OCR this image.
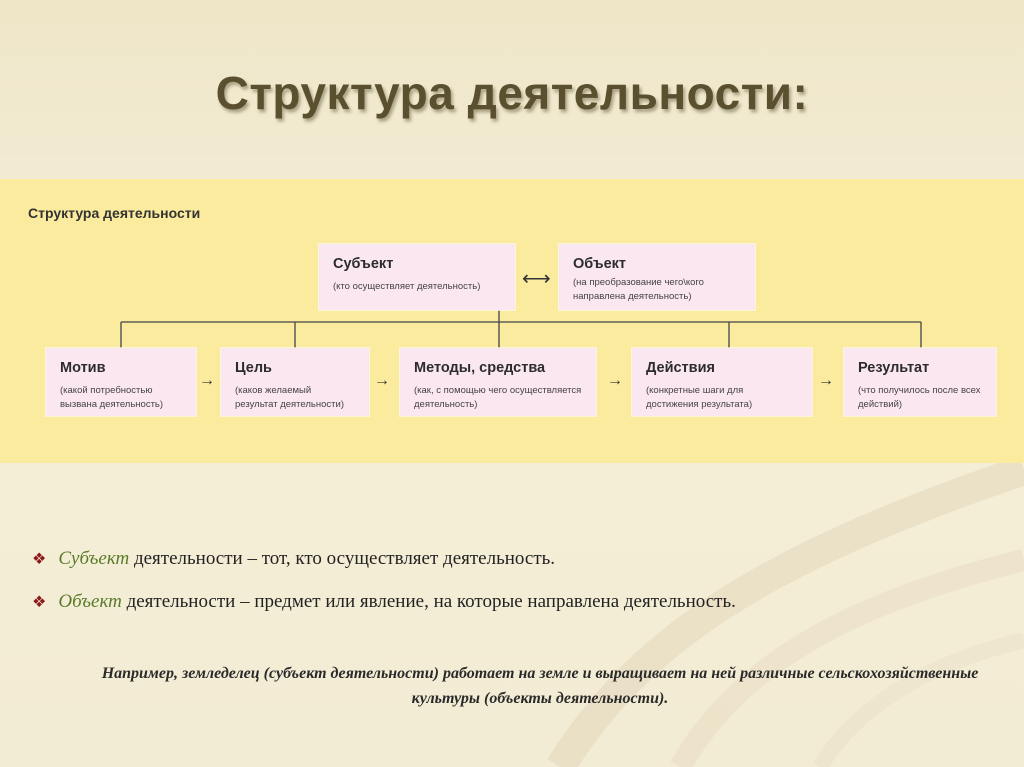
Структура деятельности:
Структура деятельности
Субъект
(кто осуществляет деятельность)	⟷
Объект
(на преобразование чего\кого направлена деятельность)
Мотив
(какой потребностью вызвана деятельность)
→
Цель
(каков желаемый результат деятельности)
→
Методы, средства
(как, с помощью чего осуществляется деятельность)
→
Действия
(конкретные шаги для достижения результата)
→
Результат
(что получилось после всех действий)
❖ Субъект деятельности – тот, кто осуществляет деятельность.
❖ Объект деятельности – предмет или явление, на которые направлена деятельность.
Например, земледелец (субъект деятельности) работает на земле и выращивает на ней различные сельскохозяйственные культуры (объекты деятельности).
